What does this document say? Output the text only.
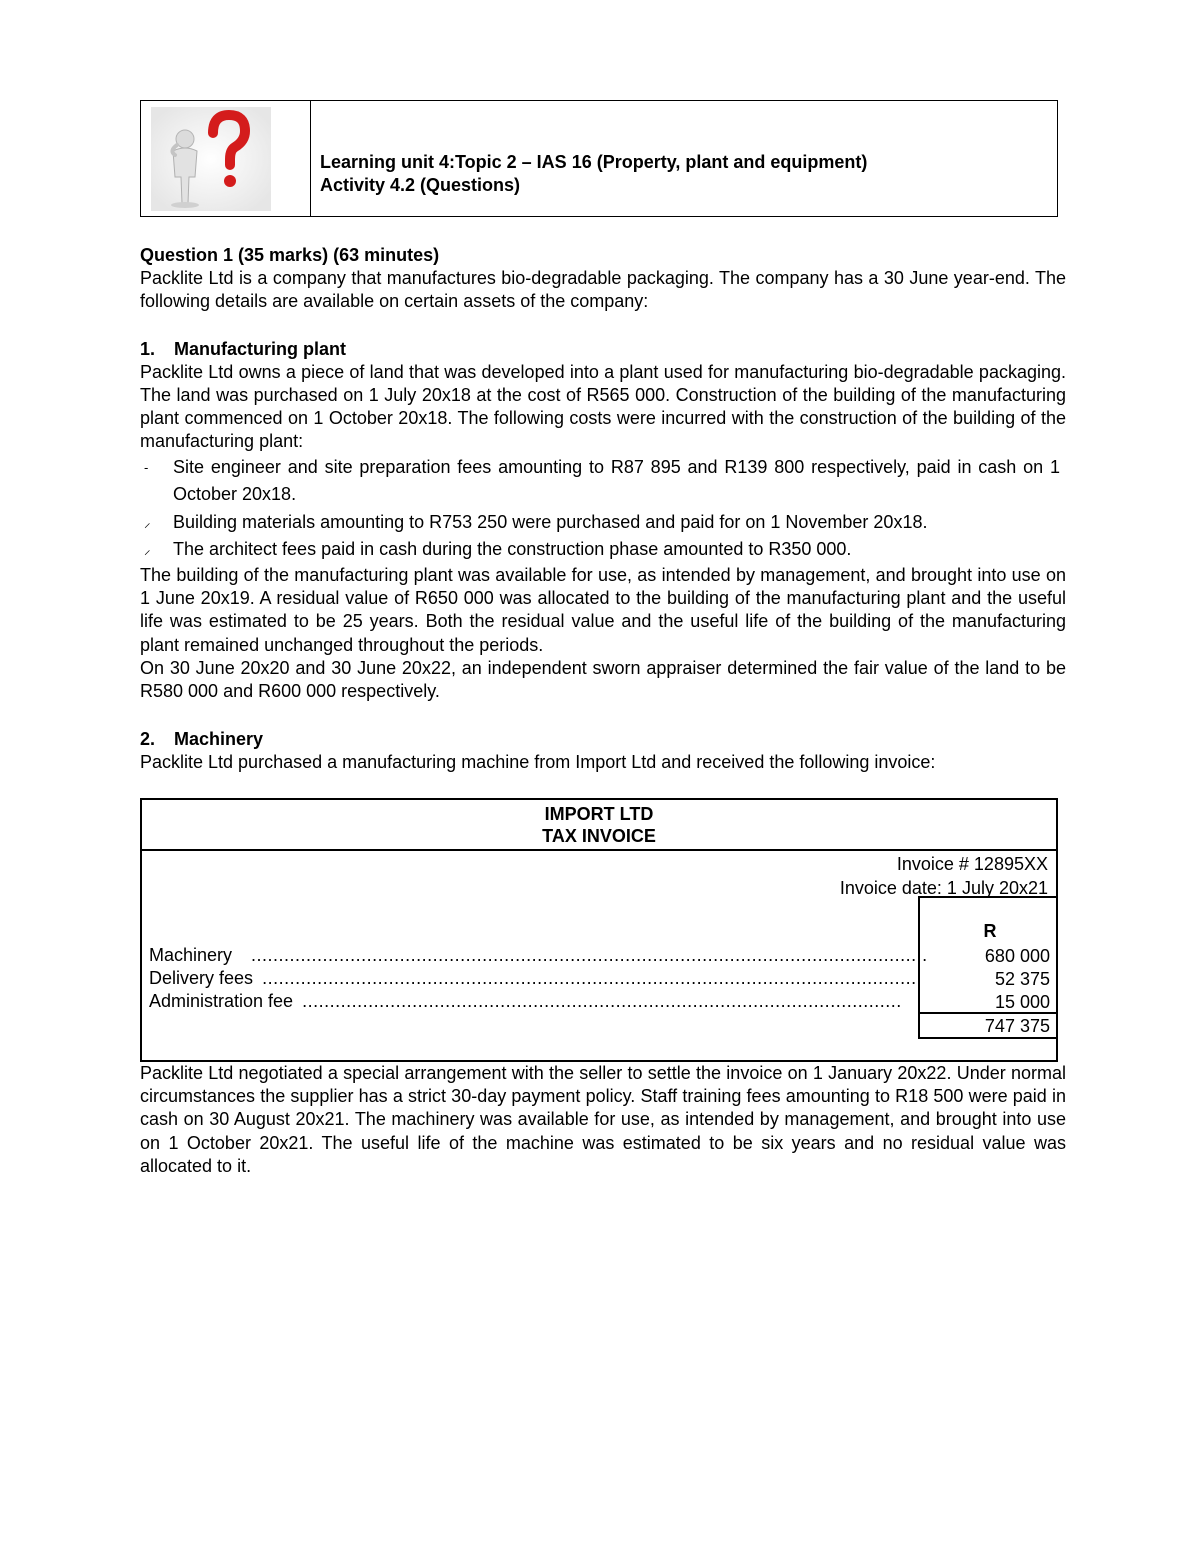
Learning unit 4:Topic 2 – IAS 16 (Property, plant and equipment)
Activity 4.2 (Questions)
Question 1 (35 marks) (63 minutes)

Packlite Ltd is a company that manufactures bio-degradable packaging. The company has a 30 June year-end. The following details are available on certain assets of the company:

1.	Manufacturing plant

Packlite Ltd owns a piece of land that was developed into a plant used for manufacturing bio-degradable packaging. The land was purchased on 1 July 20x18 at the cost of R565 000. Construction of the building of the manufacturing plant commenced on 1 October 20x18. The following costs were incurred with the construction of the building of the manufacturing plant:

- Site engineer and site preparation fees amounting to R87 895 and R139 800 respectively, paid in cash on 1 October 20x18.
⸝ Building materials amounting to R753 250 were purchased and paid for on 1 November 20x18.
⸝ The architect fees paid in cash during the construction phase amounted to R350 000.

The building of the manufacturing plant was available for use, as intended by management, and brought into use on 1 June 20x19. A residual value of R650 000 was allocated to the building of the manufacturing plant and the useful life was estimated to be 25 years. Both the residual value and the useful life of the building of the manufacturing plant remained unchanged throughout the periods.

On 30 June 20x20 and 30 June 20x22, an independent sworn appraiser determined the fair value of the land to be R580 000 and R600 000 respectively.

2.	Machinery

Packlite Ltd purchased a manufacturing machine from Import Ltd and received the following invoice:

IMPORT LTD
TAX INVOICE
Invoice # 12895XX
Invoice date: 1 July 20x21
Machinery ...........................................................................................................................
Delivery fees .......................................................................................................................
Administration fee .............................................................................................................
R
680 000
52 375
15 000
747 375

Packlite Ltd negotiated a special arrangement with the seller to settle the invoice on 1 January 20x22. Under normal circumstances the supplier has a strict 30-day payment policy. Staff training fees amounting to R18 500 were paid in cash on 30 August 20x21. The machinery was available for use, as intended by management, and brought into use on 1 October 20x21. The useful life of the machine was estimated to be six years and no residual value was allocated to it.
